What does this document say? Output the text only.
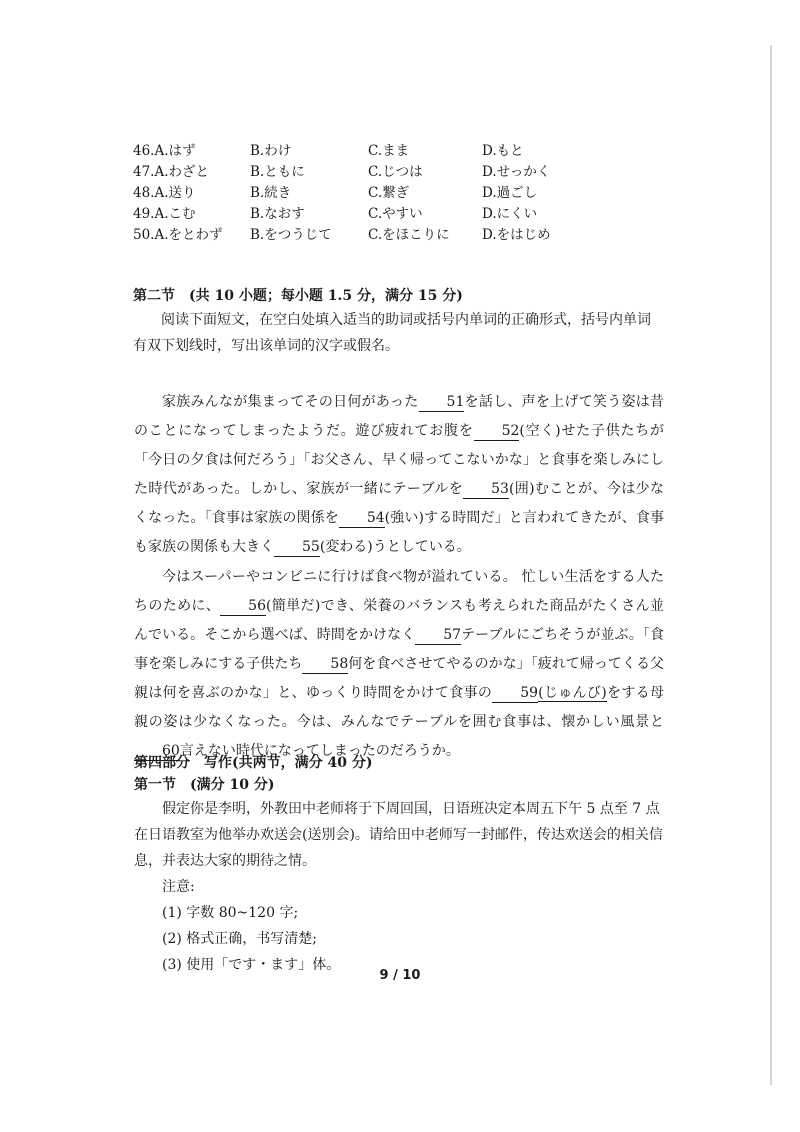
46.A.はず	B.わけ	C.まま	D.もと
47.A.わざと	B.ともに	C.じつは	D.せっかく
48.A.送り	B.続き	C.繋ぎ	D.過ごし
49.A.こむ	B.なおす	C.やすい	D.にくい
50.A.をとわず B.をつうじて	C.をほこりに D.をはじめ
第二节　(共 10 小题；每小题 1.5 分，满分 15 分)
阅读下面短文，在空白处填入适当的助词或括号内单词的正确形式，括号内单词有双下划线时，写出该单词的汉字或假名。
家族みんなが集まってその日何があった 51を話し、声を上げて笑う姿は昔のことになってしまったようだ。遊び疲れてお腹を 52(空く)せた子供たちが「今日の夕食は何だろう」「お父さん、早く帰ってこないかな」と食事を楽しみにした時代があった。しかし、家族が一緒にテーブルを 53(囲)むことが、今は少なくなった。「食事は家族の関係を 54(強い)する時間だ」と言われてきたが、食事も家族の関係も大きく 55(変わる)うとしている。
今はスーパーやコンビニに行けば食べ物が溢れている。 忙しい生活をする人たちのために、 56(簡単だ)でき、栄養のバランスも考えられた商品がたくさん並んでいる。そこから選べば、時間をかけなく 57テーブルにごちそうが並ぶ。「食事を楽しみにする子供たち 58何を食べさせてやるのかな」「疲れて帰ってくる父親は何を喜ぶのかな」と、ゆっくり時間をかけて食事の 59(じゅんび)をする母親の姿は少なくなった。今は、みんなでテーブルを囲む食事は、懐かしい風景と60言えない時代になってしまったのだろうか。
第四部分　写作(共两节，满分 40 分)
第一节　(满分 10 分)
假定你是李明，外教田中老师将于下周回国，日语班决定本周五下午 5 点至 7 点在日语教室为他举办欢送会(送別会)。请给田中老师写一封邮件，传达欢送会的相关信息，并表达大家的期待之情。
注意:
(1) 字数 80~120 字;
(2) 格式正确，书写清楚;
(3) 使用「です・ます」体。
9 / 10
